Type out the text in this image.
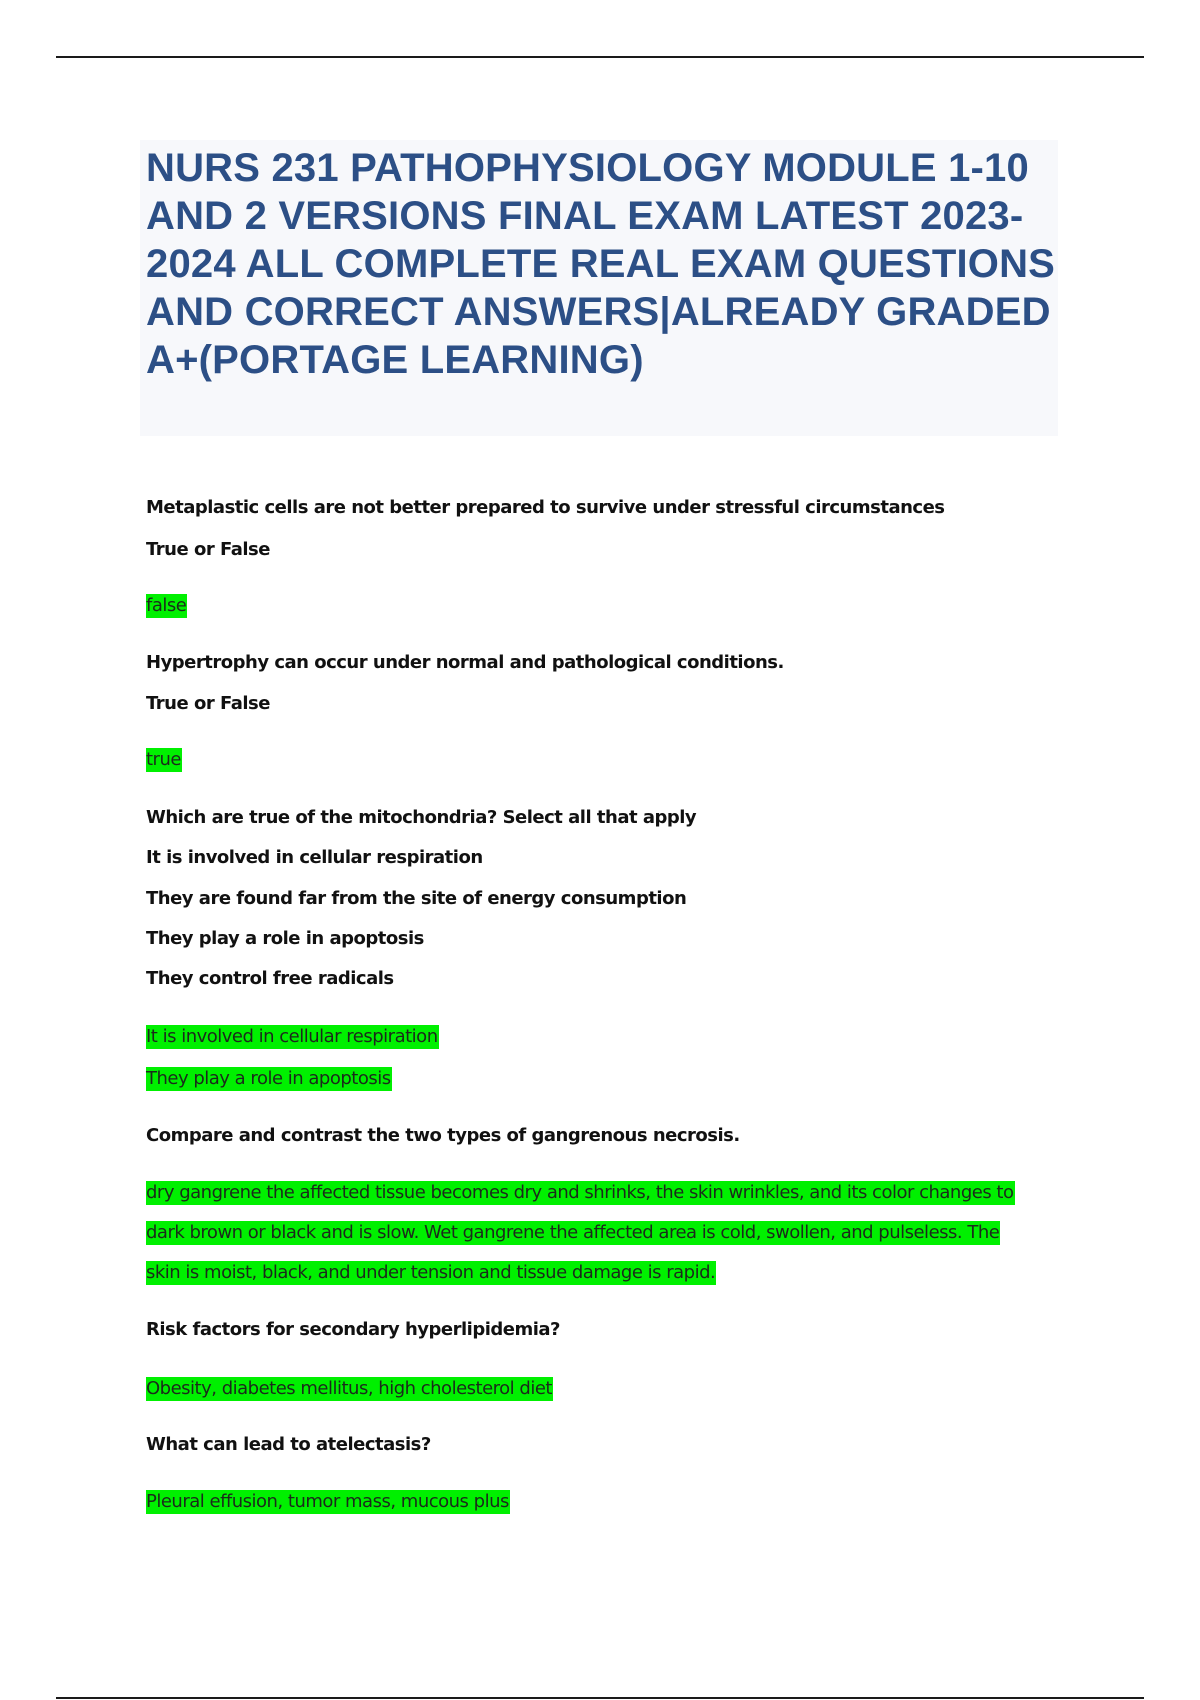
NURS 231 PATHOPHYSIOLOGY MODULE 1-10 AND 2 VERSIONS FINAL EXAM LATEST 2023-2024 ALL COMPLETE REAL EXAM QUESTIONS AND CORRECT ANSWERS|ALREADY GRADED A+(PORTAGE LEARNING)

Metaplastic cells are not better prepared to survive under stressful circumstances

True or False

false

Hypertrophy can occur under normal and pathological conditions.

True or False

true

Which are true of the mitochondria? Select all that apply

It is involved in cellular respiration

They are found far from the site of energy consumption

They play a role in apoptosis

They control free radicals

It is involved in cellular respiration

They play a role in apoptosis

Compare and contrast the two types of gangrenous necrosis.

dry gangrene the affected tissue becomes dry and shrinks, the skin wrinkles, and its color changes to

dark brown or black and is slow. Wet gangrene the affected area is cold, swollen, and pulseless. The

skin is moist, black, and under tension and tissue damage is rapid.

Risk factors for secondary hyperlipidemia?

Obesity, diabetes mellitus, high cholesterol diet

What can lead to atelectasis?

Pleural effusion, tumor mass, mucous plus
